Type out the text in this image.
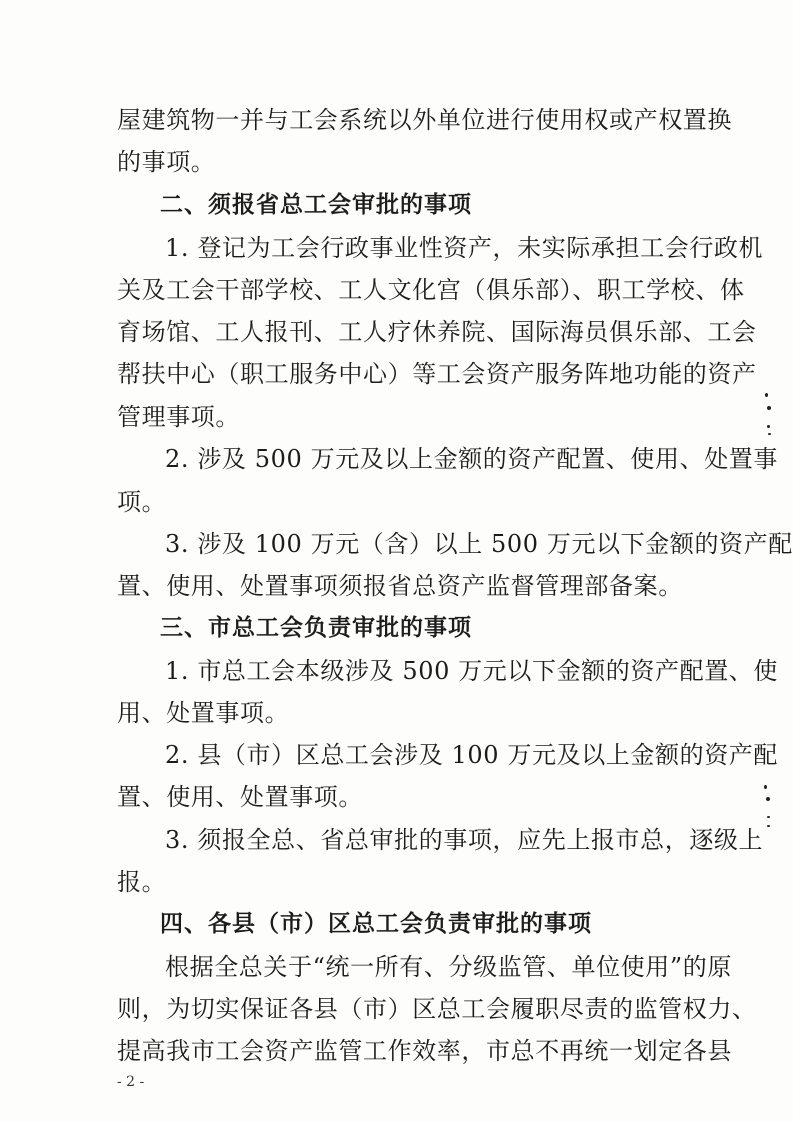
屋建筑物一并与工会系统以外单位进行使用权或产权置换
的事项。
二、须报省总工会审批的事项
1. 登记为工会行政事业性资产，未实际承担工会行政机
关及工会干部学校、工人文化宫（俱乐部）、职工学校、体
育场馆、工人报刊、工人疗休养院、国际海员俱乐部、工会
帮扶中心（职工服务中心）等工会资产服务阵地功能的资产
管理事项。
2. 涉及 500 万元及以上金额的资产配置、使用、处置事
项。
3. 涉及 100 万元（含）以上 500 万元以下金额的资产配
置、使用、处置事项须报省总资产监督管理部备案。
三、市总工会负责审批的事项
1. 市总工会本级涉及 500 万元以下金额的资产配置、使
用、处置事项。
2. 县（市）区总工会涉及 100 万元及以上金额的资产配
置、使用、处置事项。
3. 须报全总、省总审批的事项，应先上报市总，逐级上
报。
四、各县（市）区总工会负责审批的事项
根据全总关于“统一所有、分级监管、单位使用”的原
则，为切实保证各县（市）区总工会履职尽责的监管权力、
提高我市工会资产监管工作效率，市总不再统一划定各县
- 2 -
